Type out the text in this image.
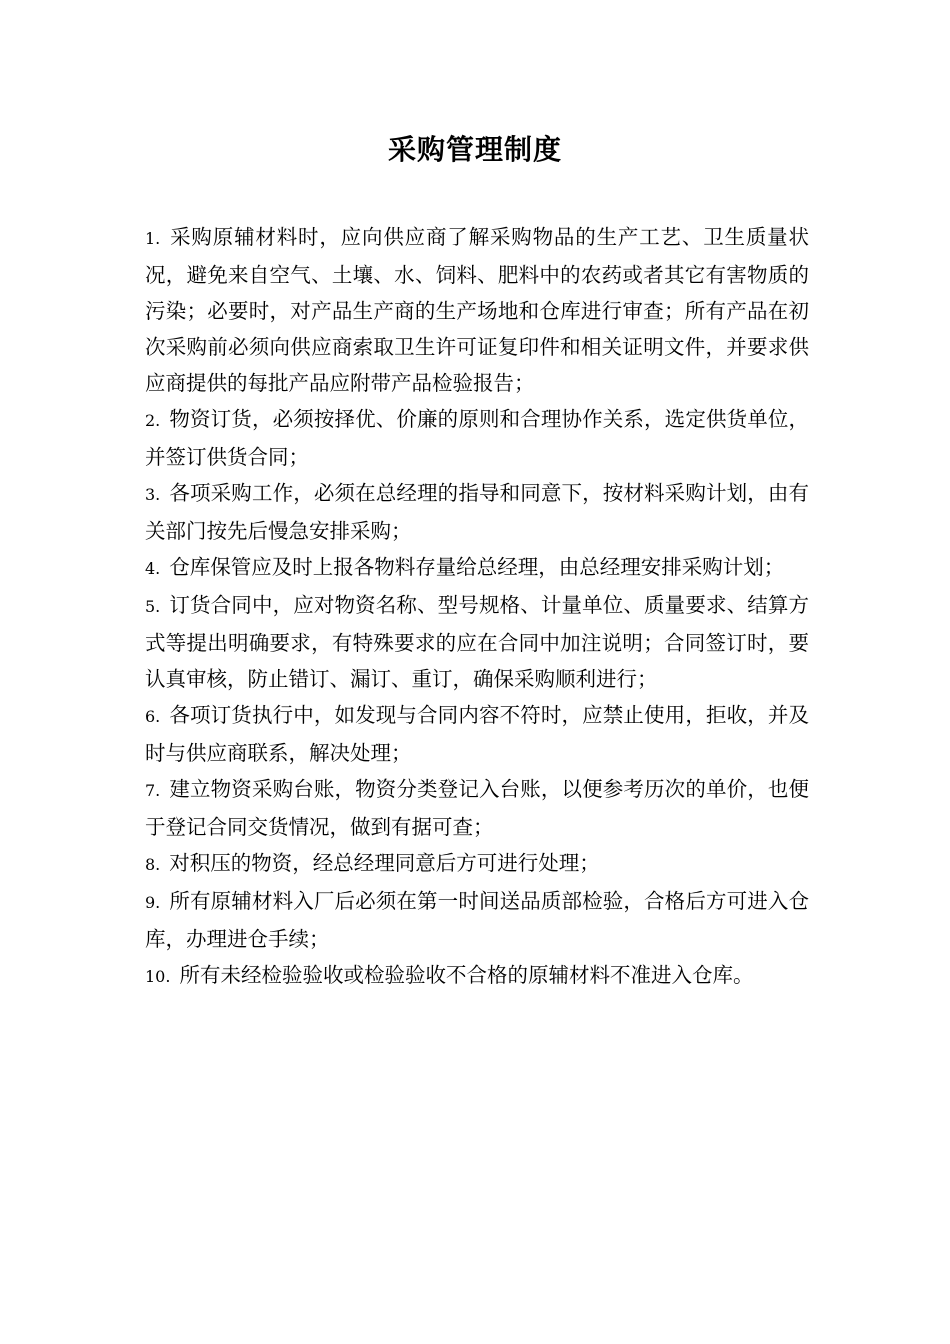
采购管理制度
1. 采购原辅材料时，应向供应商了解采购物品的生产工艺、卫生质量状况，避免来自空气、土壤、水、饲料、肥料中的农药或者其它有害物质的污染；必要时，对产品生产商的生产场地和仓库进行审查；所有产品在初次采购前必须向供应商索取卫生许可证复印件和相关证明文件，并要求供应商提供的每批产品应附带产品检验报告；
2. 物资订货，必须按择优、价廉的原则和合理协作关系，选定供货单位，并签订供货合同；
3. 各项采购工作，必须在总经理的指导和同意下，按材料采购计划，由有关部门按先后慢急安排采购；
4. 仓库保管应及时上报各物料存量给总经理，由总经理安排采购计划；
5. 订货合同中，应对物资名称、型号规格、计量单位、质量要求、结算方式等提出明确要求，有特殊要求的应在合同中加注说明；合同签订时，要认真审核，防止错订、漏订、重订，确保采购顺利进行；
6. 各项订货执行中，如发现与合同内容不符时，应禁止使用，拒收，并及时与供应商联系，解决处理；
7. 建立物资采购台账，物资分类登记入台账，以便参考历次的单价，也便于登记合同交货情况，做到有据可查；
8. 对积压的物资，经总经理同意后方可进行处理；
9. 所有原辅材料入厂后必须在第一时间送品质部检验，合格后方可进入仓库，办理进仓手续；
10. 所有未经检验验收或检验验收不合格的原辅材料不准进入仓库。
